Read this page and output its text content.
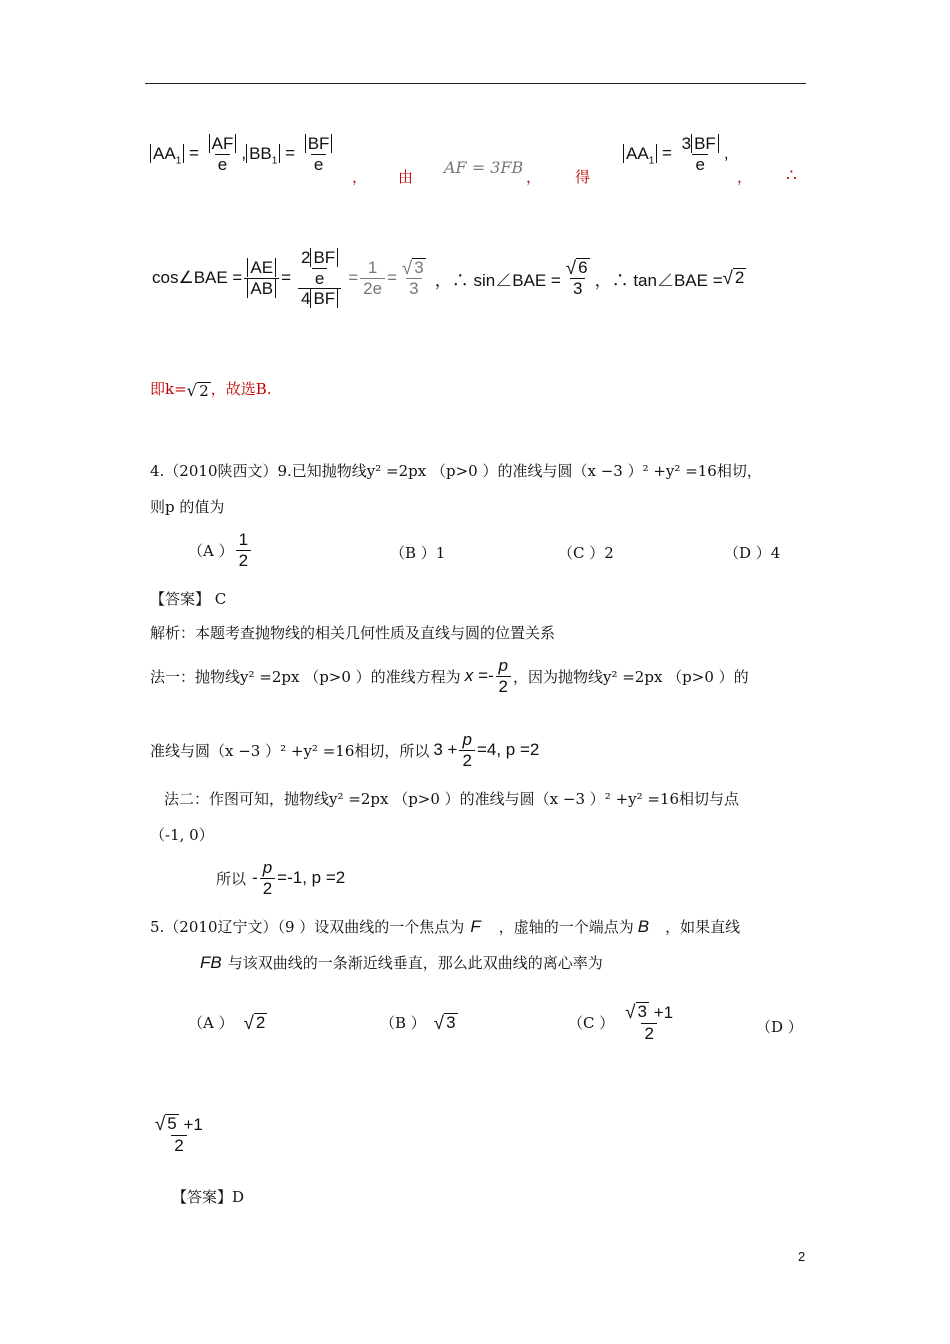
$AA_1 = \frac{AF}{e}$ , $BB_1 = \frac{BF}{e}$
， 由 AF = 3FB ， 得
$AA_1 = \frac{3 BF}{e}$ ,
， ∴
cos∠BAE = $\frac{AE}{AB} = \frac{\frac{2 BF}{e}}{4 BF} = \frac{1}{2e} = \frac{√ 3}{3}$ ，∴ sin∠BAE = $\frac{√ 6}{3}$ ，∴ tan∠BAE = √ 2
即k= √ 2 ，故选B.
4.（2010陕西文）9.已知抛物线y² =2px （p>0 ）的准线与圆（x −3 ）² +y² =16相切，
则p 的值为
（A ） $\frac{1}{2}$	（B ）1	（C ）2	（D ）4
【答案】 C
解析：本题考查抛物线的相关几何性质及直线与圆的位置关系
法一：抛物线y² =2px （p>0 ）的准线方程为 $x =- \frac{p}{2}$ ，因为抛物线y² =2px （p>0 ）的
准线与圆（x −3 ）² +y² =16相切，所以 $3 + \frac{p}{2} =4$, p =2
法二：作图可知，抛物线y² =2px （p>0 ）的准线与圆（x −3 ）² +y² =16相切与点
（-1, 0）
所以 - $\frac{p}{2} =-1$, p =2
5.（2010辽宁文）（9 ）设双曲线的一个焦点为 F ，虚轴的一个端点为 B ，如果直线
FB 与该双曲线的一条渐近线垂直，那么此双曲线的离心率为
（A ） √ 2	（B ） √ 3	（C ） $\frac{√ 3 +1}{2}$	（D ）
$\frac{√ 5 +1}{2}$
【答案】D
2
